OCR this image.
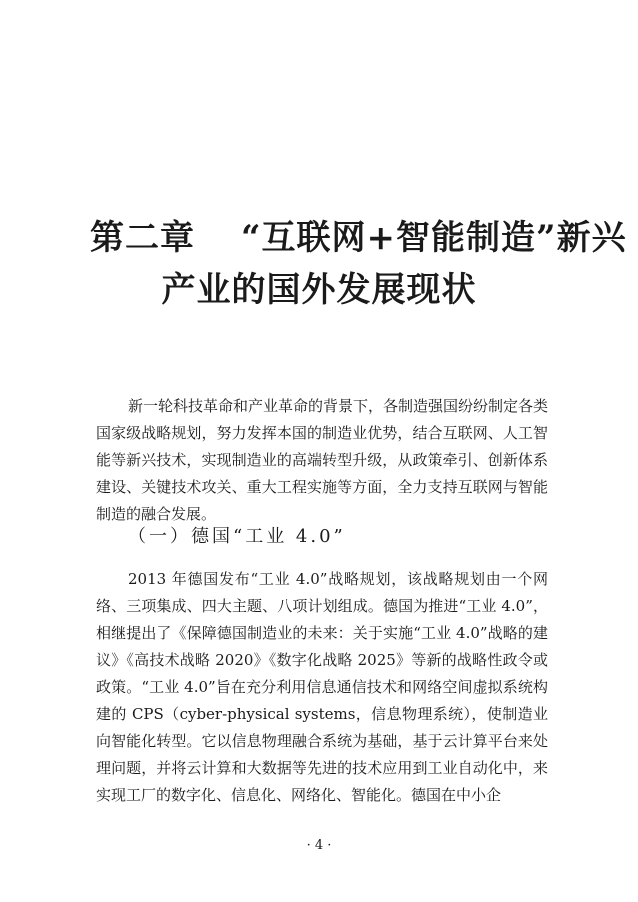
第二章 “互联网+智能制造”新兴
产业的国外发展现状

新一轮科技革命和产业革命的背景下，各制造强国纷纷制定各类国家级战略规划，努力发挥本国的制造业优势，结合互联网、人工智能等新兴技术，实现制造业的高端转型升级，从政策牵引、创新体系建设、关键技术攻关、重大工程实施等方面，全力支持互联网与智能制造的融合发展。

（一）德国“工业 4.0”

2013 年德国发布“工业 4.0”战略规划，该战略规划由一个网络、三项集成、四大主题、八项计划组成。德国为推进“工业 4.0”，相继提出了《保障德国制造业的未来：关于实施“工业 4.0”战略的建议》《高技术战略 2020》《数字化战略 2025》等新的战略性政令或政策。“工业 4.0”旨在充分利用信息通信技术和网络空间虚拟系统构建的 CPS（cyber-physical systems，信息物理系统），使制造业向智能化转型。它以信息物理融合系统为基础，基于云计算平台来处理问题，并将云计算和大数据等先进的技术应用到工业自动化中，来实现工厂的数字化、信息化、网络化、智能化。德国在中小企

· 4 ·
